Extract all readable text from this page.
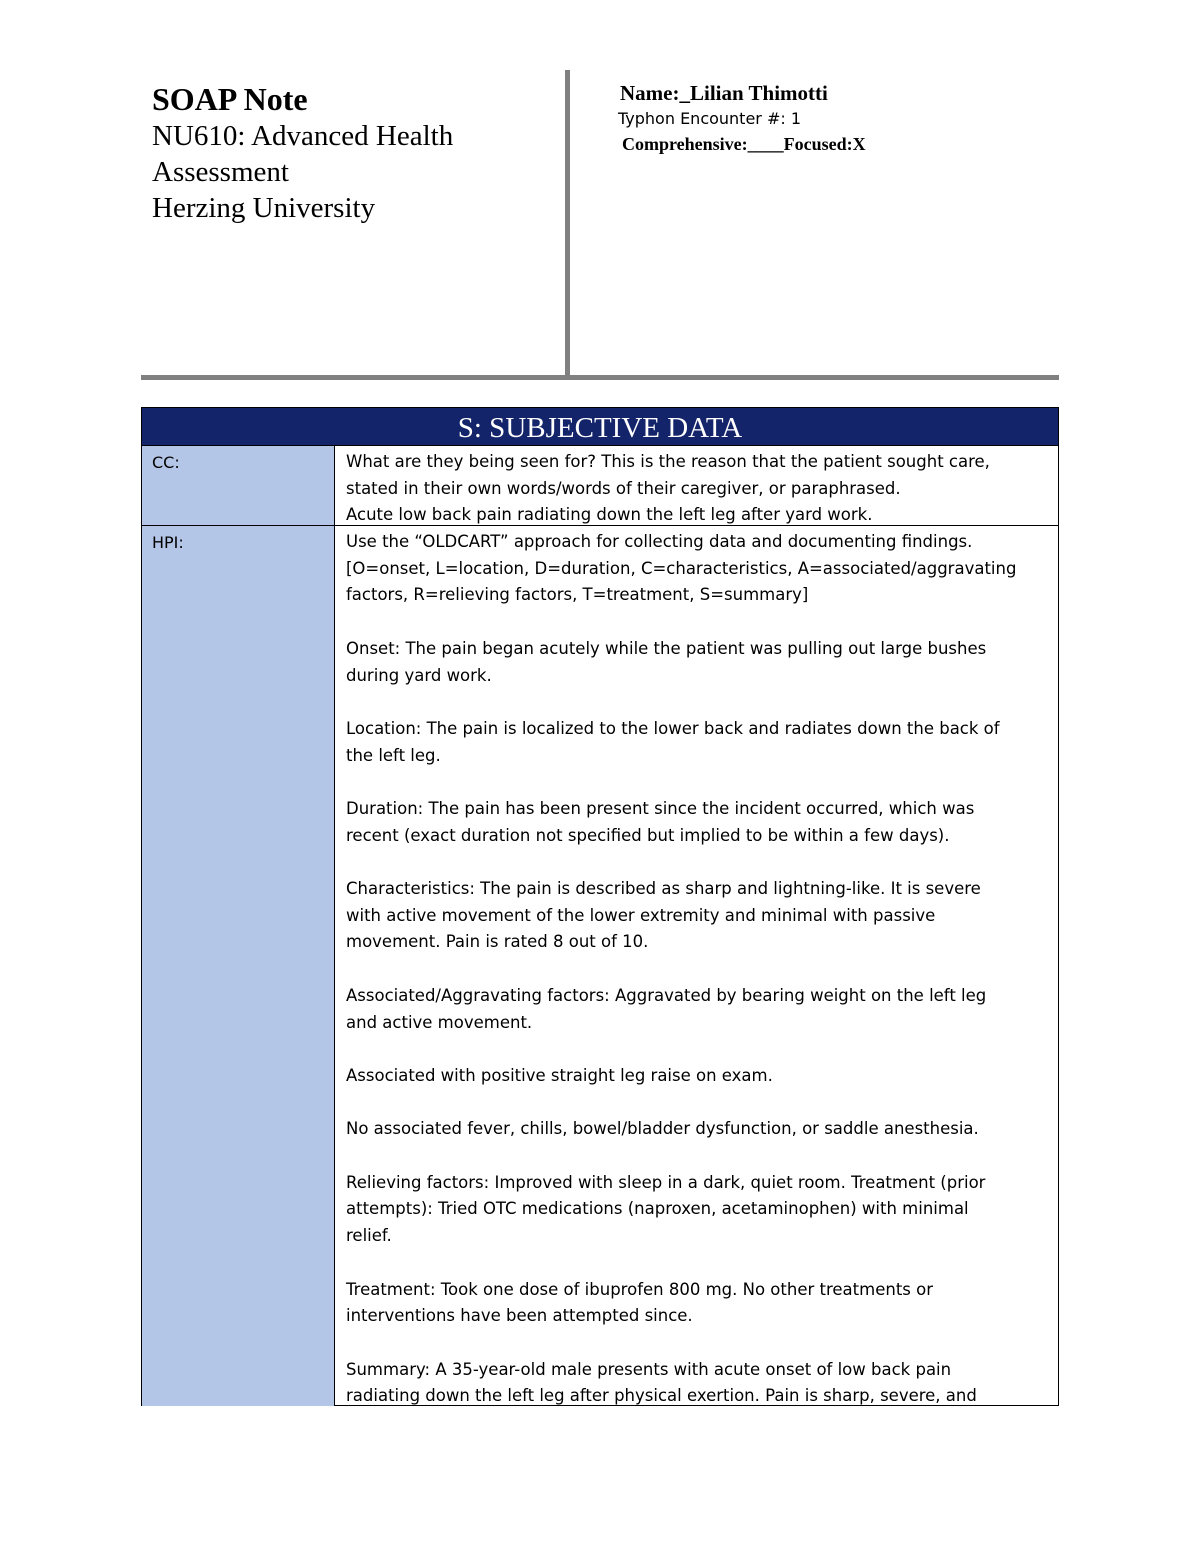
SOAP Note

NU610: Advanced Health

Assessment

Herzing University

Name:_Lilian Thimotti

Typhon Encounter #: 1

Comprehensive:____Focused:X

S: SUBJECTIVE DATA
CC:	What are they being seen for? This is the reason that the patient sought care,

stated in their own words/words of their caregiver, or paraphrased.

Acute low back pain radiating down the left leg after yard work.

HPI:	Use the “OLDCART” approach for collecting data and documenting findings.

[O=onset, L=location, D=duration, C=characteristics, A=associated/aggravating

factors, R=relieving factors, T=treatment, S=summary]

Onset: The pain began acutely while the patient was pulling out large bushes

during yard work.

Location: The pain is localized to the lower back and radiates down the back of

the left leg.

Duration: The pain has been present since the incident occurred, which was

recent (exact duration not specified but implied to be within a few days).

Characteristics: The pain is described as sharp and lightning-like. It is severe

with active movement of the lower extremity and minimal with passive

movement. Pain is rated 8 out of 10.

Associated/Aggravating factors: Aggravated by bearing weight on the left leg

and active movement.

Associated with positive straight leg raise on exam.

No associated fever, chills, bowel/bladder dysfunction, or saddle anesthesia.

Relieving factors: Improved with sleep in a dark, quiet room. Treatment (prior

attempts): Tried OTC medications (naproxen, acetaminophen) with minimal

relief.

Treatment: Took one dose of ibuprofen 800 mg. No other treatments or

interventions have been attempted since.

Summary: A 35-year-old male presents with acute onset of low back pain

radiating down the left leg after physical exertion. Pain is sharp, severe, and
